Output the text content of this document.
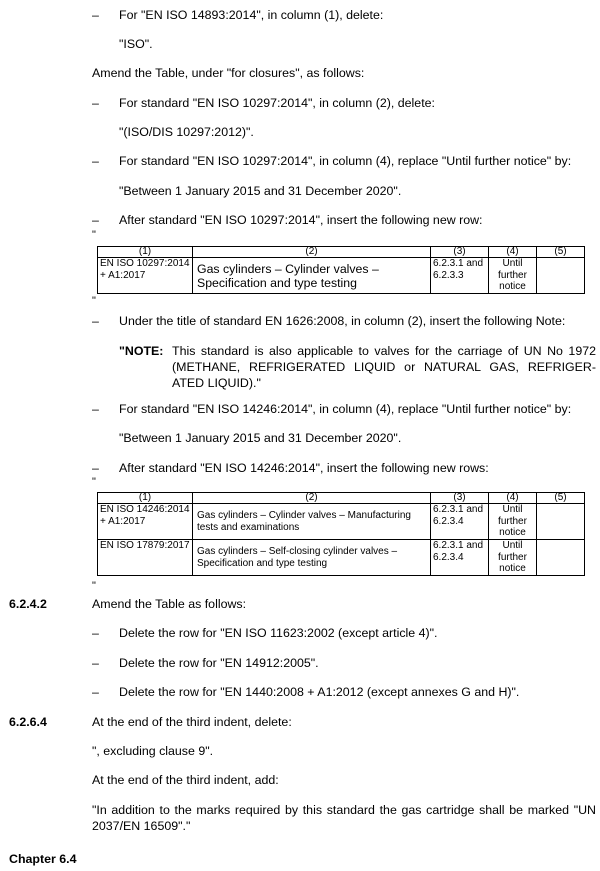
– For "EN ISO 14893:2014", in column (1), delete:
"ISO".
Amend the Table, under "for closures", as follows:
– For standard "EN ISO 10297:2014", in column (2), delete:
"(ISO/DIS 10297:2012)".
– For standard "EN ISO 10297:2014", in column (4), replace "Until further notice" by:
"Between 1 January 2015 and 31 December 2020".
– After standard "EN ISO 10297:2014", insert the following new row:
"
(1)	(2)	(3)	(4)	(5)
EN ISO 10297:2014 + A1:2017	Gas cylinders – Cylinder valves – Specification and type testing	6.2.3.1 and 6.2.3.3	Until further notice	
"
– Under the title of standard EN 1626:2008, in column (2), insert the following Note:
"NOTE: This standard is also applicable to valves for the carriage of UN No 1972 (METHANE, REFRIGERATED LIQUID or NATURAL GAS, REFRIGER- ATED LIQUID)."
– For standard "EN ISO 14246:2014", in column (4), replace "Until further notice" by:
"Between 1 January 2015 and 31 December 2020".
– After standard "EN ISO 14246:2014", insert the following new rows:
"
(1)	(2)	(3)	(4)	(5)
EN ISO 14246:2014 + A1:2017	Gas cylinders – Cylinder valves – Manufacturing tests and examinations	6.2.3.1 and 6.2.3.4	Until further notice	
EN ISO 17879:2017	Gas cylinders – Self-closing cylinder valves – Specification and type testing	6.2.3.1 and 6.2.3.4	Until further notice	
"
6.2.4.2	Amend the Table as follows:
– Delete the row for "EN ISO 11623:2002 (except article 4)".
– Delete the row for "EN 14912:2005".
– Delete the row for "EN 1440:2008 + A1:2012 (except annexes G and H)".
6.2.6.4	At the end of the third indent, delete:
", excluding clause 9".
At the end of the third indent, add:
"In addition to the marks required by this standard the gas cartridge shall be marked "UN 2037/EN 16509"."
Chapter 6.4
